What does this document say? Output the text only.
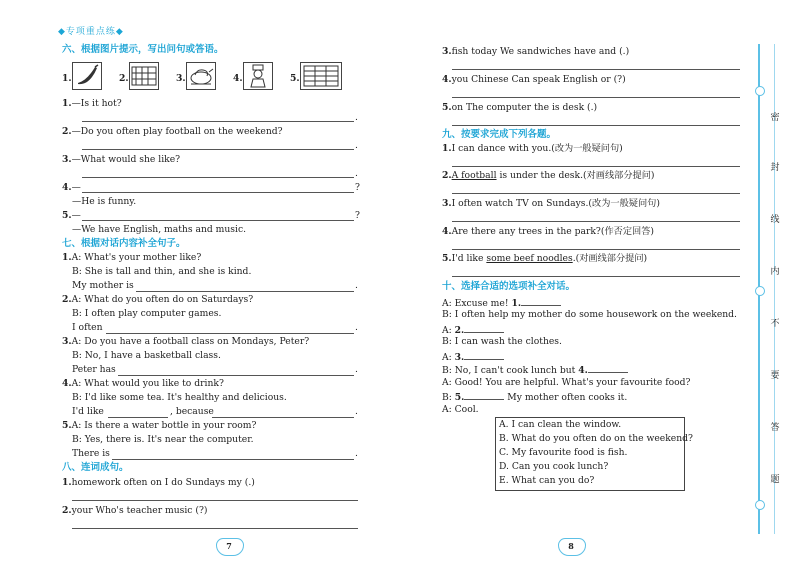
◆专项重点练◆
六、根据图片提示，写出问句或答语。
1.	2.	3.	4.	5.
1.—Is it hot?
.
2.—Do you often play football on the weekend?
.
3.—What would she like?
.
4.—	?
—He is funny.
5.—	?
—We have English, maths and music.
七、根据对话内容补全句子。
1.A: What's your mother like?
B: She is tall and thin, and she is kind.
My mother is	.
2.A: What do you often do on Saturdays?
B: I often play computer games.
I often	.
3.A: Do you have a football class on Mondays, Peter?
B: No, I have a basketball class.
Peter has	.
4.A: What would you like to drink?
B: I'd like some tea. It's healthy and delicious.
I'd like	, because	.
5.A: Is there a water bottle in your room?
B: Yes, there is. It's near the computer.
There is	.
八、连词成句。
1.homework often on I do Sundays my (.)
2.your Who's teacher music (?)
7
3.fish today We sandwiches have and (.)
4.you Chinese Can speak English or (?)
5.on The computer the is desk (.)
九、按要求完成下列各题。
1.I can dance with you.(改为一般疑问句)
2.A football is under the desk.(对画线部分提问)
3.I often watch TV on Sundays.(改为一般疑问句)
4.Are there any trees in the park?(作否定回答)
5.I'd like some beef noodles.(对画线部分提问)
十、选择合适的选项补全对话。
A: Excuse me! 1.
B: I often help my mother do some housework on the weekend.
A: 2.
B: I can wash the clothes.
A: 3.
B: No, I can't cook lunch but 4.
A: Good! You are helpful. What's your favourite food?
B: 5.	My mother often cooks it.
A: Cool.
A. I can clean the window.
B. What do you often do on the weekend?
C. My favourite food is fish.
D. Can you cook lunch?
E. What can you do?
8
密
封
线
内
不
要
答
题
